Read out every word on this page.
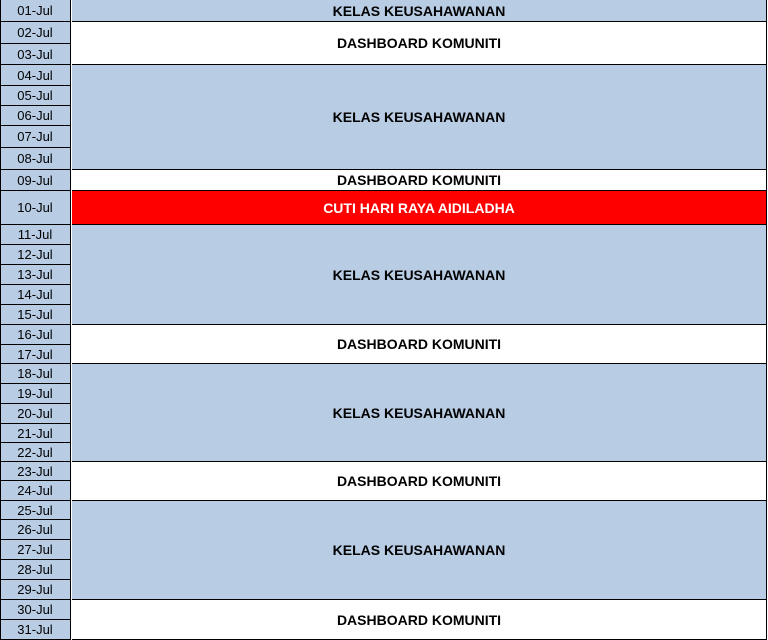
01-Jul
02-Jul
03-Jul
04-Jul
05-Jul
06-Jul
07-Jul
08-Jul
09-Jul
10-Jul
11-Jul
12-Jul
13-Jul
14-Jul
15-Jul
16-Jul
17-Jul
18-Jul
19-Jul
20-Jul
21-Jul
22-Jul
23-Jul
24-Jul
25-Jul
26-Jul
27-Jul
28-Jul
29-Jul
30-Jul
31-Jul
KELAS KEUSAHAWANAN
DASHBOARD KOMUNITI
KELAS KEUSAHAWANAN
DASHBOARD KOMUNITI
CUTI HARI RAYA AIDILADHA
KELAS KEUSAHAWANAN
DASHBOARD KOMUNITI
KELAS KEUSAHAWANAN
DASHBOARD KOMUNITI
KELAS KEUSAHAWANAN
DASHBOARD KOMUNITI
